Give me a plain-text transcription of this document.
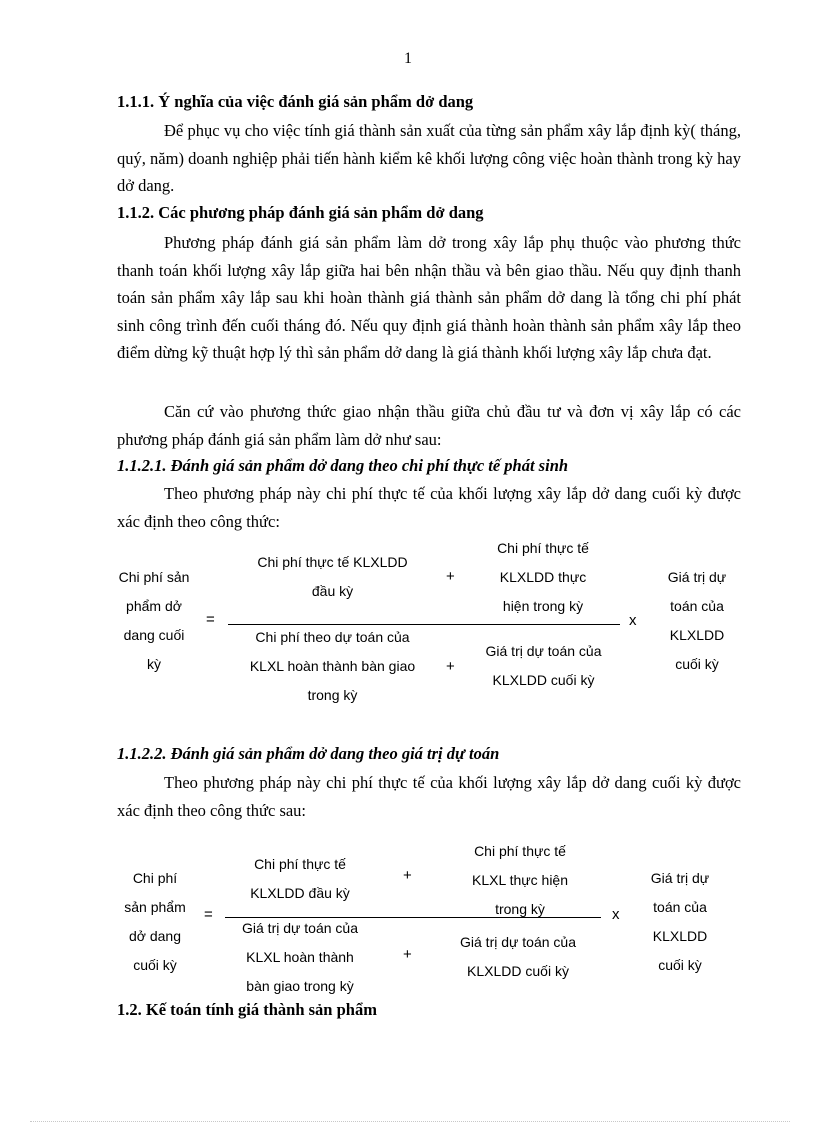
1
1.1.1. Ý nghĩa của việc đánh giá sản phẩm dở dang

Để phục vụ cho việc tính giá thành sản xuất của từng sản phẩm xây lắp định kỳ( tháng, quý, năm) doanh nghiệp phải tiến hành kiểm kê khối lượng công việc hoàn thành trong kỳ hay dở dang.

1.1.2. Các phương pháp đánh giá sản phẩm dở dang

Phương pháp đánh giá sản phẩm làm dở trong xây lắp phụ thuộc vào phương thức thanh toán khối lượng xây lắp giữa hai bên nhận thầu và bên giao thầu. Nếu quy định thanh toán sản phẩm xây lắp sau khi hoàn thành giá thành sản phẩm dở dang là tổng chi phí phát sinh công trình đến cuối tháng đó. Nếu quy định giá thành hoàn thành sản phẩm xây lắp theo điểm dừng kỹ thuật hợp lý thì sản phẩm dở dang là giá thành khối lượng xây lắp chưa đạt.

Căn cứ vào phương thức giao nhận thầu giữa chủ đầu tư và đơn vị xây lắp có các phương pháp đánh giá sản phẩm làm dở như sau:

1.1.2.1. Đánh giá sản phẩm dở dang theo chi phí thực tế phát sinh

Theo phương pháp này chi phí thực tế của khối lượng xây lắp dở dang cuối kỳ được xác định theo công thức:

Chi phí sản
phẩm dở
dang cuối
kỳ
=
Chi phí thực tế KLXLDD
đầu kỳ
+
Chi phí thực tế
KLXLDD thực
hiện trong kỳ
x
Chi phí theo dự toán của
KLXL hoàn thành bàn giao
trong kỳ
+
Giá trị dự toán của
KLXLDD cuối kỳ
Giá trị dự
toán của
KLXLDD
cuối kỳ
1.1.2.2. Đánh giá sản phẩm dở dang theo giá trị dự toán

Theo phương pháp này chi phí thực tế của khối lượng xây lắp dở dang cuối kỳ được xác định theo công thức sau:

Chi phí
sản phẩm
dở dang
cuối kỳ
=
Chi phí thực tế
KLXLDD đầu kỳ
+
Chi phí thực tế
KLXL thực hiện
trong kỳ	x
Giá trị dự toán của
KLXL hoàn thành
bàn giao trong kỳ
+
Giá trị dự toán của
KLXLDD cuối kỳ
Giá trị dự
toán của
KLXLDD
cuối kỳ
1.2. Kế toán tính giá thành sản phẩm
